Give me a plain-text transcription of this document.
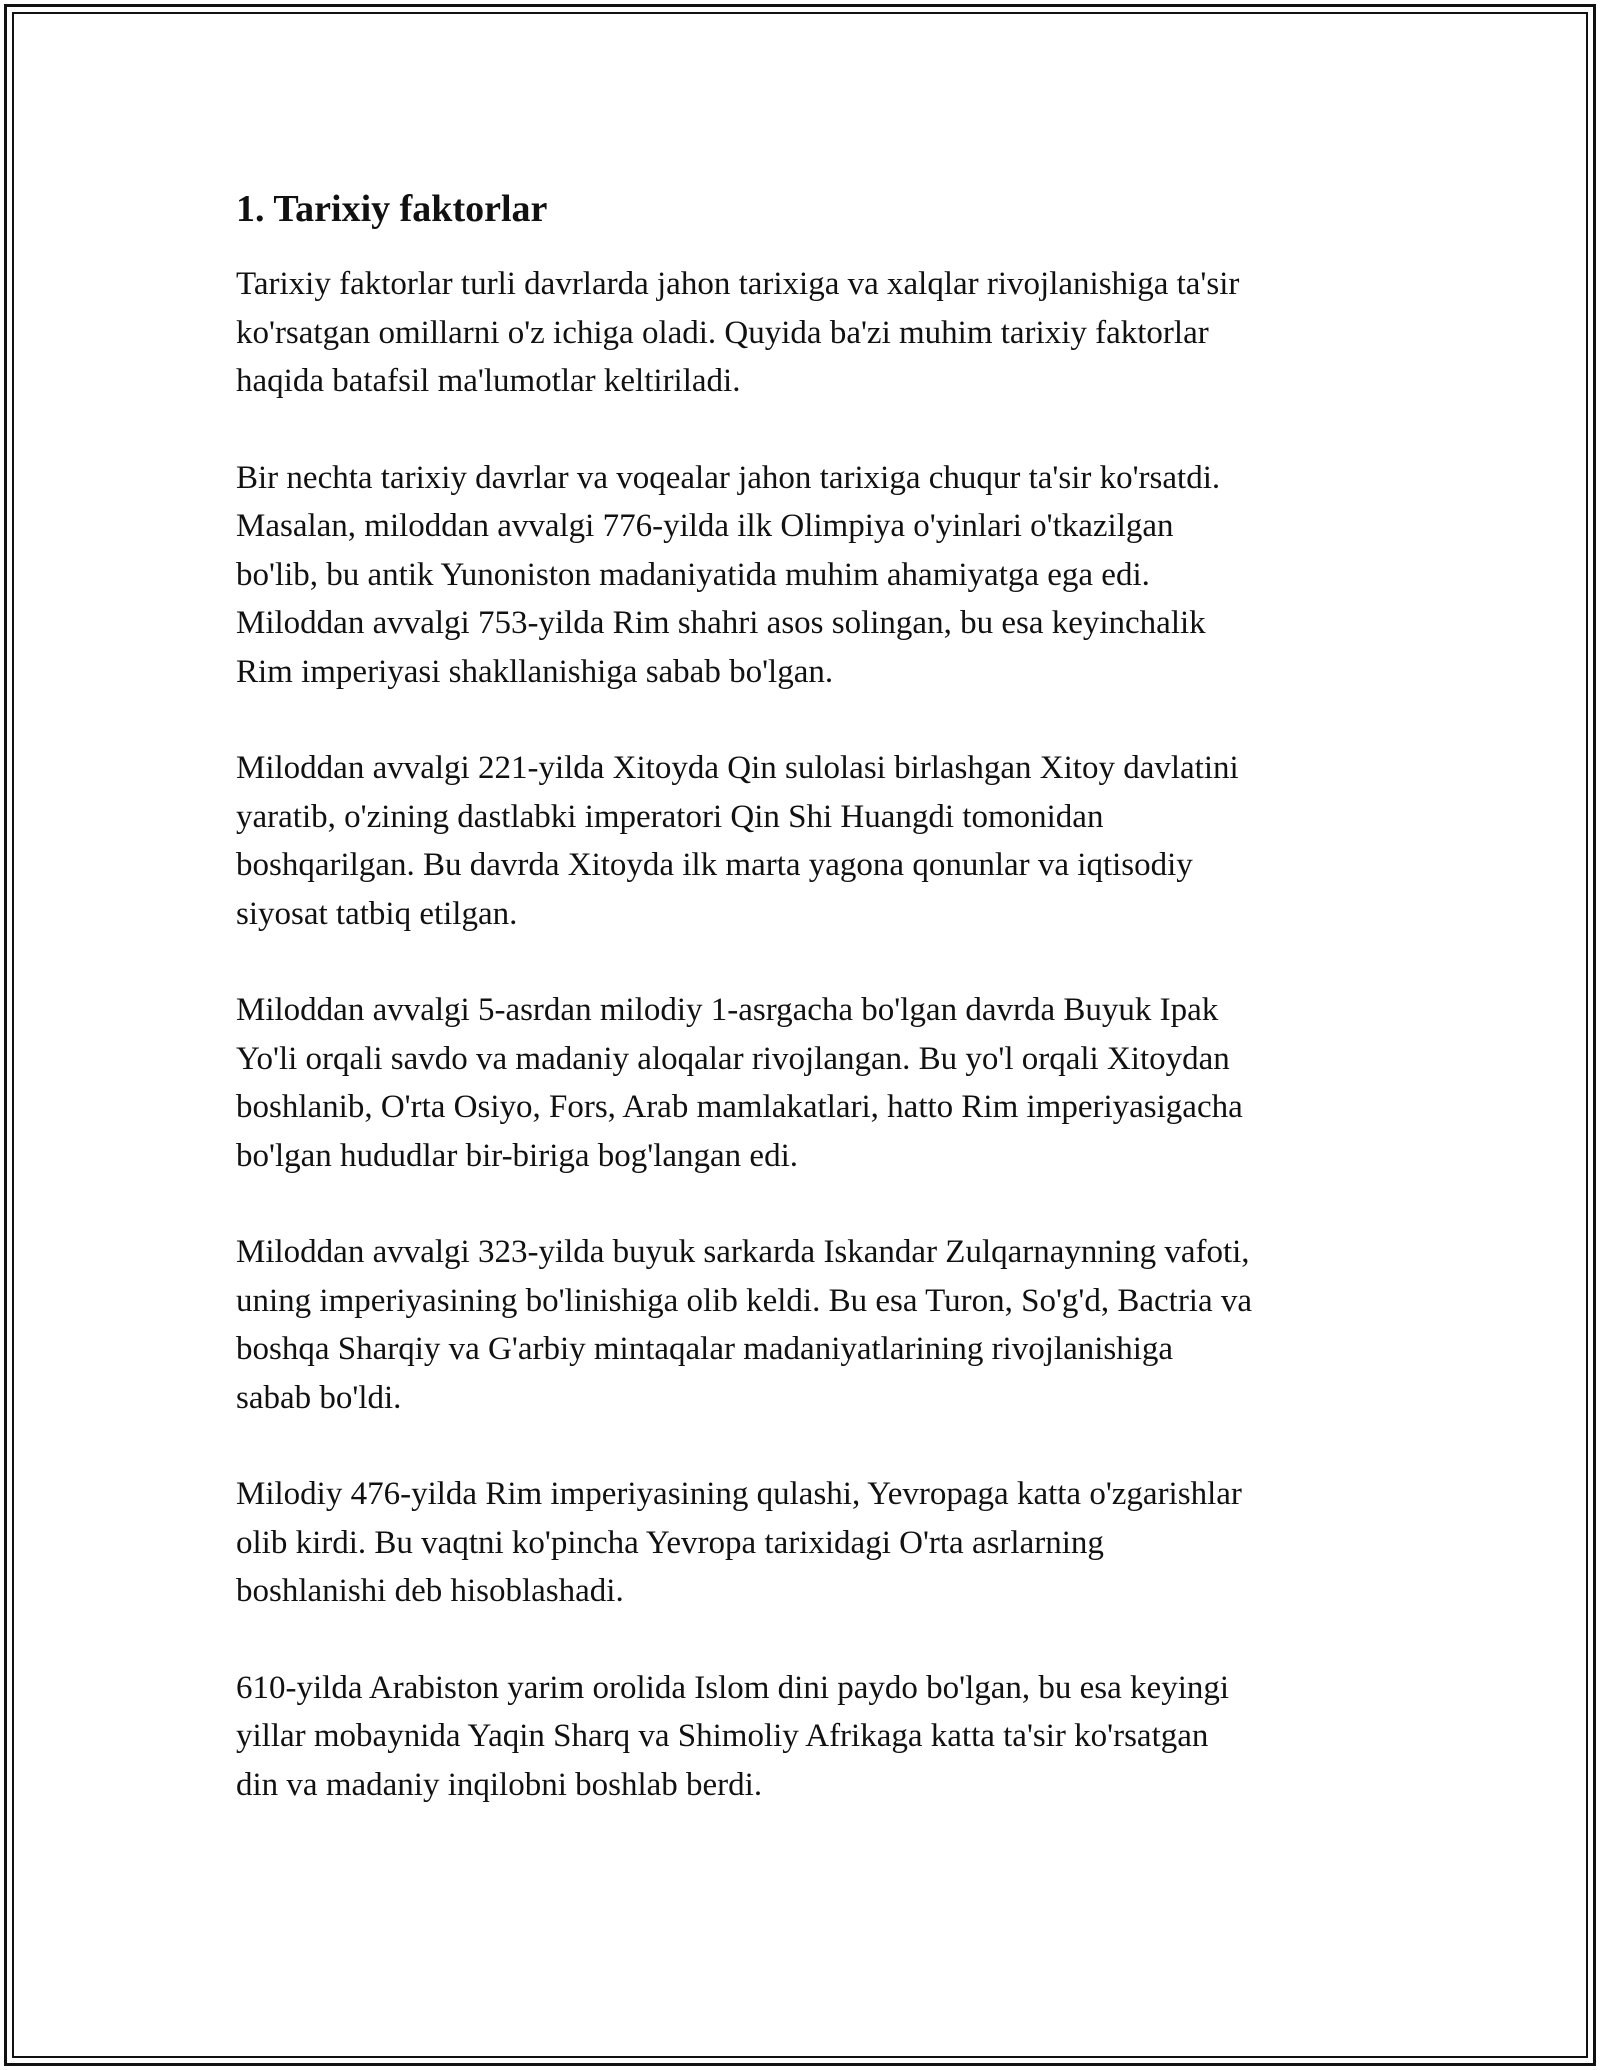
1. Tarixiy faktorlar
Tarixiy faktorlar turli davrlarda jahon tarixiga va xalqlar rivojlanishiga ta'sir
ko'rsatgan omillarni o'z ichiga oladi. Quyida ba'zi muhim tarixiy faktorlar
haqida batafsil ma'lumotlar keltiriladi.
Bir nechta tarixiy davrlar va voqealar jahon tarixiga chuqur ta'sir ko'rsatdi.
Masalan, miloddan avvalgi 776-yilda ilk Olimpiya o'yinlari o'tkazilgan
bo'lib, bu antik Yunoniston madaniyatida muhim ahamiyatga ega edi.
Miloddan avvalgi 753-yilda Rim shahri asos solingan, bu esa keyinchalik
Rim imperiyasi shakllanishiga sabab bo'lgan.
Miloddan avvalgi 221-yilda Xitoyda Qin sulolasi birlashgan Xitoy davlatini
yaratib, o'zining dastlabki imperatori Qin Shi Huangdi tomonidan
boshqarilgan. Bu davrda Xitoyda ilk marta yagona qonunlar va iqtisodiy
siyosat tatbiq etilgan.
Miloddan avvalgi 5-asrdan milodiy 1-asrgacha bo'lgan davrda Buyuk Ipak
Yo'li orqali savdo va madaniy aloqalar rivojlangan. Bu yo'l orqali Xitoydan
boshlanib, O'rta Osiyo, Fors, Arab mamlakatlari, hatto Rim imperiyasigacha
bo'lgan hududlar bir-biriga bog'langan edi.
Miloddan avvalgi 323-yilda buyuk sarkarda Iskandar Zulqarnaynning vafoti,
uning imperiyasining bo'linishiga olib keldi. Bu esa Turon, So'g'd, Bactria va
boshqa Sharqiy va G'arbiy mintaqalar madaniyatlarining rivojlanishiga
sabab bo'ldi.
Milodiy 476-yilda Rim imperiyasining qulashi, Yevropaga katta o'zgarishlar
olib kirdi. Bu vaqtni ko'pincha Yevropa tarixidagi O'rta asrlarning
boshlanishi deb hisoblashadi.
610-yilda Arabiston yarim orolida Islom dini paydo bo'lgan, bu esa keyingi
yillar mobaynida Yaqin Sharq va Shimoliy Afrikaga katta ta'sir ko'rsatgan
din va madaniy inqilobni boshlab berdi.
